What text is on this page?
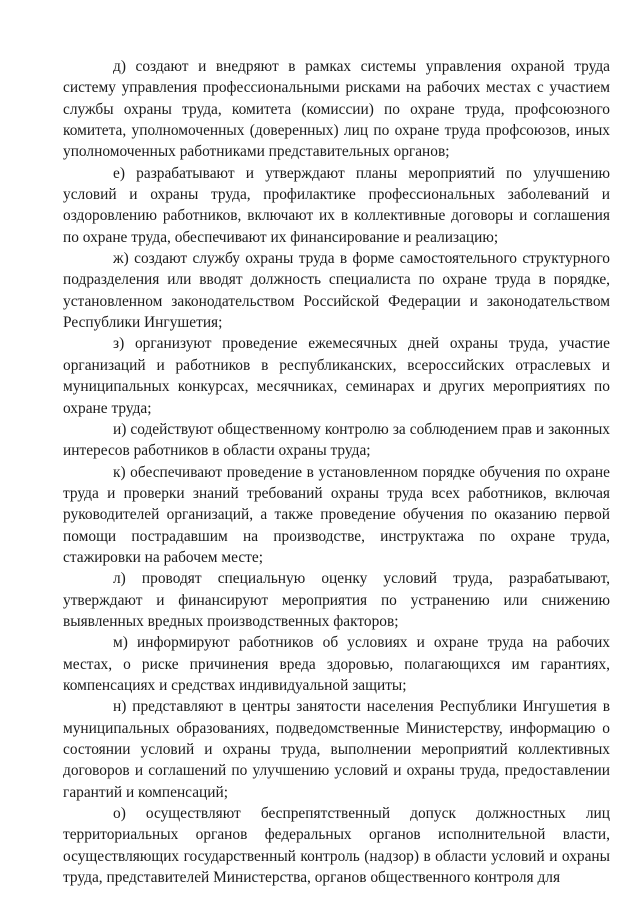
д) создают и внедряют в рамках системы управления охраной труда систему управления профессиональными рисками на рабочих местах с участием службы охраны труда, комитета (комиссии) по охране труда, профсоюзного комитета, уполномоченных (доверенных) лиц по охране труда профсоюзов, иных уполномоченных работниками представительных органов;

е) разрабатывают и утверждают планы мероприятий по улучшению условий и охраны труда, профилактике профессиональных заболеваний и оздоровлению работников, включают их в коллективные договоры и соглашения по охране труда, обеспечивают их финансирование и реализацию;

ж) создают службу охраны труда в форме самостоятельного структурного подразделения или вводят должность специалиста по охране труда в порядке, установленном законодательством Российской Федерации и законодательством Республики Ингушетия;

з) организуют проведение ежемесячных дней охраны труда, участие организаций и работников в республиканских, всероссийских отраслевых и муниципальных конкурсах, месячниках, семинарах и других мероприятиях по охране труда;

и) содействуют общественному контролю за соблюдением прав и законных интересов работников в области охраны труда;

к) обеспечивают проведение в установленном порядке обучения по охране труда и проверки знаний требований охраны труда всех работников, включая руководителей организаций, а также проведение обучения по оказанию первой помощи пострадавшим на производстве, инструктажа по охране труда, стажировки на рабочем месте;

л) проводят специальную оценку условий труда, разрабатывают, утверждают и финансируют мероприятия по устранению или снижению выявленных вредных производственных факторов;

м) информируют работников об условиях и охране труда на рабочих местах, о риске причинения вреда здоровью, полагающихся им гарантиях, компенсациях и средствах индивидуальной защиты;

н) представляют в центры занятости населения Республики Ингушетия в муниципальных образованиях, подведомственные Министерству, информацию о состоянии условий и охраны труда, выполнении мероприятий коллективных договоров и соглашений по улучшению условий и охраны труда, предоставлении гарантий и компенсаций;

о) осуществляют беспрепятственный допуск должностных лиц территориальных органов федеральных органов исполнительной власти, осуществляющих государственный контроль (надзор) в области условий и охраны труда, представителей Министерства, органов общественного контроля для
